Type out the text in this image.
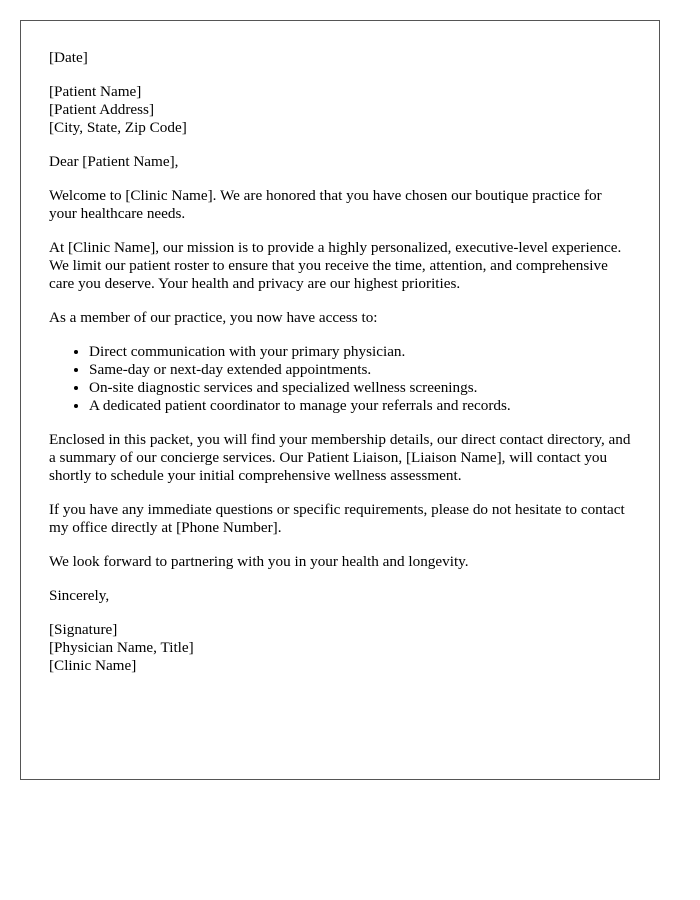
[Date]

[Patient Name]
[Patient Address]
[City, State, Zip Code]

Dear [Patient Name],

Welcome to [Clinic Name]. We are honored that you have chosen our boutique practice for your healthcare needs.

At [Clinic Name], our mission is to provide a highly personalized, executive-level experience. We limit our patient roster to ensure that you receive the time, attention, and comprehensive care you deserve. Your health and privacy are our highest priorities.

As a member of our practice, you now have access to:

• Direct communication with your primary physician.
• Same-day or next-day extended appointments.
• On-site diagnostic services and specialized wellness screenings.
• A dedicated patient coordinator to manage your referrals and records.

Enclosed in this packet, you will find your membership details, our direct contact directory, and a summary of our concierge services. Our Patient Liaison, [Liaison Name], will contact you shortly to schedule your initial comprehensive wellness assessment.

If you have any immediate questions or specific requirements, please do not hesitate to contact my office directly at [Phone Number].

We look forward to partnering with you in your health and longevity.

Sincerely,

[Signature]
[Physician Name, Title]
[Clinic Name]
